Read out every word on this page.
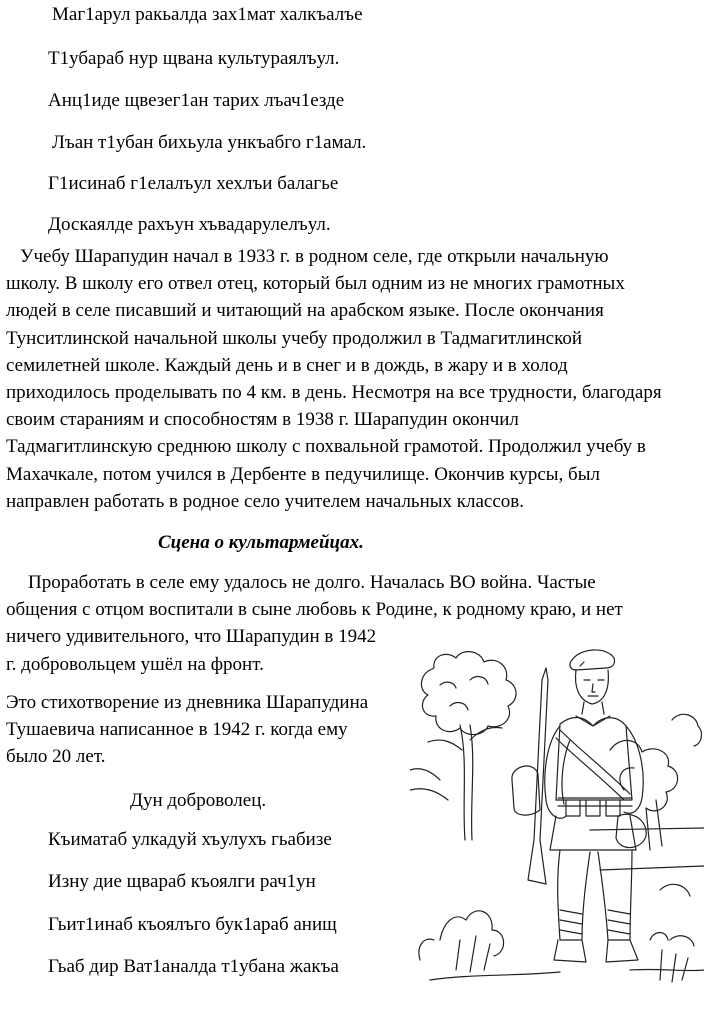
Маг1арул ракьалда зах1мат халкъалъе
Т1убараб нур щвана культураялъул.
Анц1иде щвезег1ан тарих лъач1езде
Лъан т1убан бихьула ункъабго г1амал.
Г1исинаб г1елалъул хехлъи балагье
Доскаялде рахъун хъвадарулелъул.

Учебу Шарапудин начал в 1933 г. в родном селе, где открыли начальную

школу. В школу его отвел отец, который был одним из не многих грамотных

людей в селе писавший и читающий на арабском языке. После окончания

Тунситлинской начальной школы учебу продолжил в Тадмагитлинской

семилетней школе. Каждый день и в снег и в дождь, в жару и в холод

приходилось проделывать по 4 км. в день. Несмотря на все трудности, благодаря

своим стараниям и способностям в 1938 г. Шарапудин окончил

Тадмагитлинскую среднюю школу с похвальной грамотой. Продолжил учебу в

Махачкале, потом учился в Дербенте в педучилище. Окончив курсы, был

направлен работать в родное село учителем начальных классов.

Сцена о культармейцах.

Проработать в селе ему удалось не долго. Началась ВО война. Частые

общения с отцом воспитали в сыне любовь к Родине, к родному краю, и нет

ничего удивительного, что Шарапудин в 1942

г. добровольцем ушёл на фронт.

Это стихотворение из дневника Шарапудина

Тушаевича написанное в 1942 г. когда ему

было 20 лет.

Дун доброволец.
Къиматаб улкадуй хъулухъ гьабизе
Изну дие щвараб къоялги рач1ун
Гьит1инаб къоялъго бук1араб анищ
Гьаб дир Ват1аналда т1убана жакъа
